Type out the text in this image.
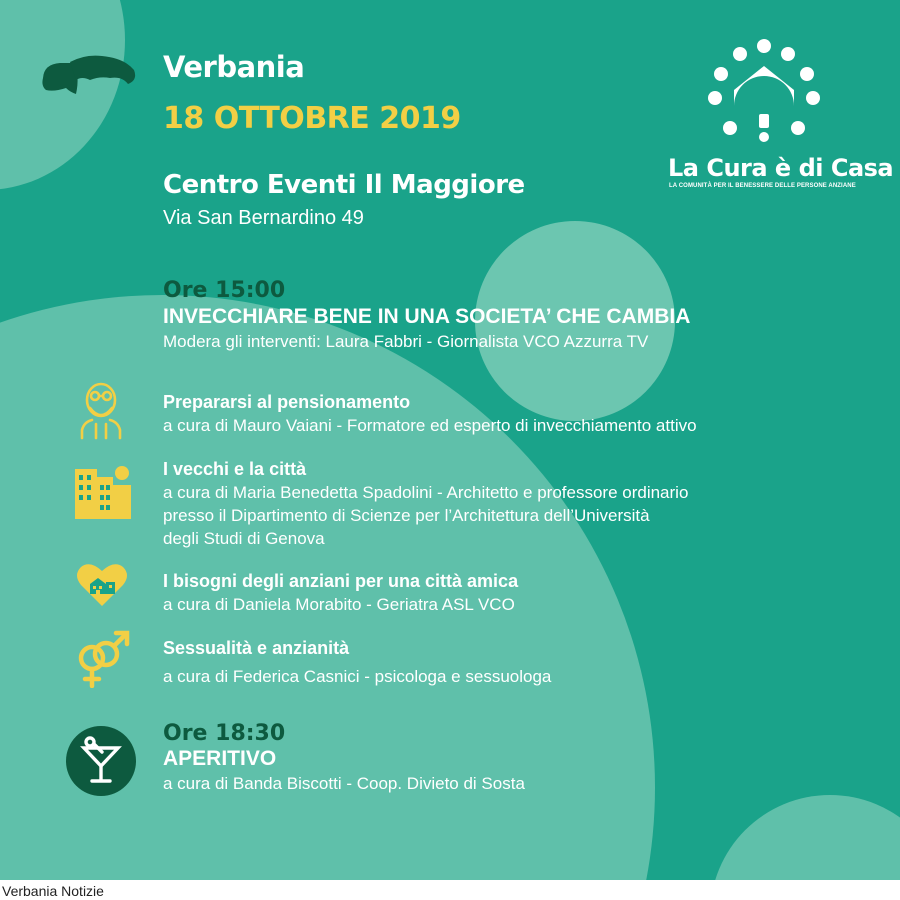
Verbania
18 OTTOBRE 2019
Centro Eventi Il Maggiore
Via San Bernardino 49
La Cura è di Casa
LA COMUNITÀ PER IL BENESSERE DELLE PERSONE ANZIANE
Ore 15:00
INVECCHIARE BENE IN UNA SOCIETA’ CHE CAMBIA
Modera gli interventi: Laura Fabbri - Giornalista VCO Azzurra TV
Prepararsi al pensionamento
a cura di Mauro Vaiani - Formatore ed esperto di invecchiamento attivo
I vecchi e la città
a cura di Maria Benedetta Spadolini - Architetto e professore ordinario
presso il Dipartimento di Scienze per l’Architettura dell’Università
degli Studi di Genova
I bisogni degli anziani per una città amica
a cura di Daniela Morabito - Geriatra ASL VCO
Sessualità e anzianità
a cura di Federica Casnici - psicologa e sessuologa
Ore 18:30
APERITIVO
a cura di Banda Biscotti - Coop. Divieto di Sosta
Verbania Notizie
